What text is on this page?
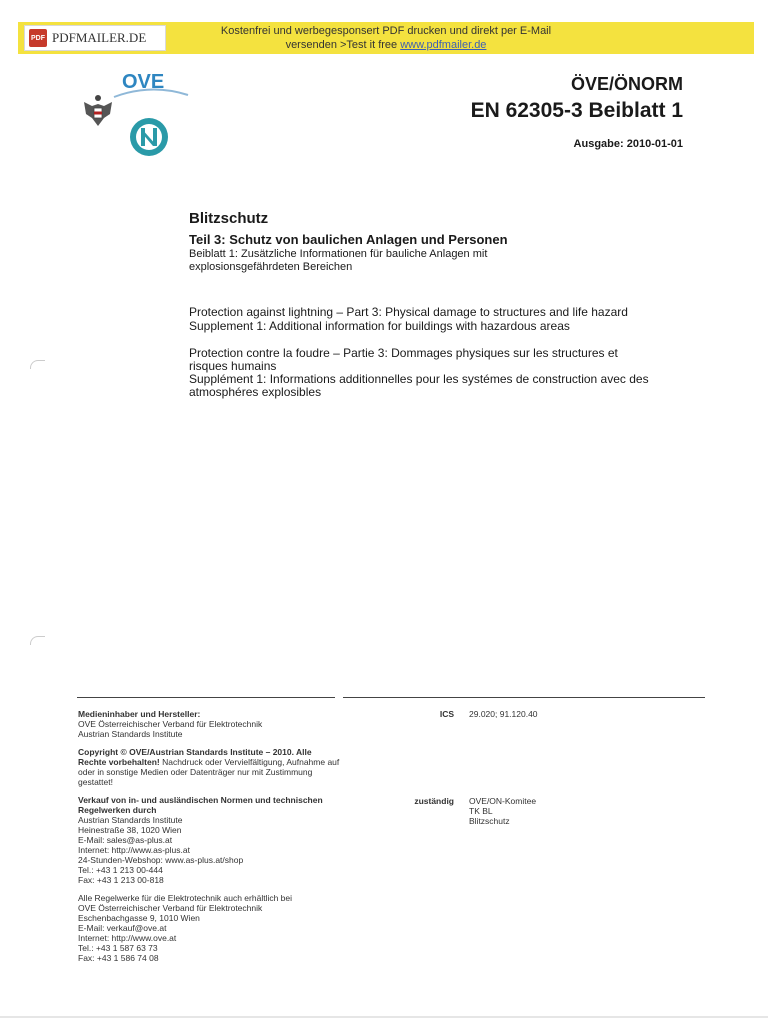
PDF PDFMAILER.DE	Kostenfrei und werbegesponsert PDF drucken und direkt per E-Mail
versenden >Test it free www.pdfmailer.de
OVE	ÖVE/ÖNORM
EN 62305-3 Beiblatt 1
Ausgabe: 2010-01-01
Blitzschutz
Teil 3: Schutz von baulichen Anlagen und Personen
Beiblatt 1: Zusätzliche Informationen für bauliche Anlagen mit explosionsgefährdeten Bereichen
Protection against lightning – Part 3: Physical damage to structures and life hazard
Supplement 1: Additional information for buildings with hazardous areas
Protection contre la foudre – Partie 3: Dommages physiques sur les structures et risques humains
Supplément 1: Informations additionnelles pour les systémes de construction avec des atmosphéres explosibles
Medieninhaber und Hersteller:
OVE Österreichischer Verband für Elektrotechnik
Austrian Standards Institute
Copyright © OVE/Austrian Standards Institute – 2010. Alle Rechte vorbehalten! Nachdruck oder Vervielfältigung, Aufnahme auf oder in sonstige Medien oder Datenträger nur mit Zustimmung gestattet!
Verkauf von in- und ausländischen Normen und technischen Regelwerken durch
Austrian Standards Institute
Heinestraße 38, 1020 Wien
E-Mail: sales@as-plus.at
Internet: http://www.as-plus.at
24-Stunden-Webshop: www.as-plus.at/shop
Tel.: +43 1 213 00-444
Fax: +43 1 213 00-818
Alle Regelwerke für die Elektrotechnik auch erhältlich bei
OVE Österreichischer Verband für Elektrotechnik
Eschenbachgasse 9, 1010 Wien
E-Mail: verkauf@ove.at
Internet: http://www.ove.at
Tel.: +43 1 587 63 73
Fax: +43 1 586 74 08
ICS 29.020; 91.120.40
zuständig OVE/ON-Komitee
TK BL
Blitzschutz
